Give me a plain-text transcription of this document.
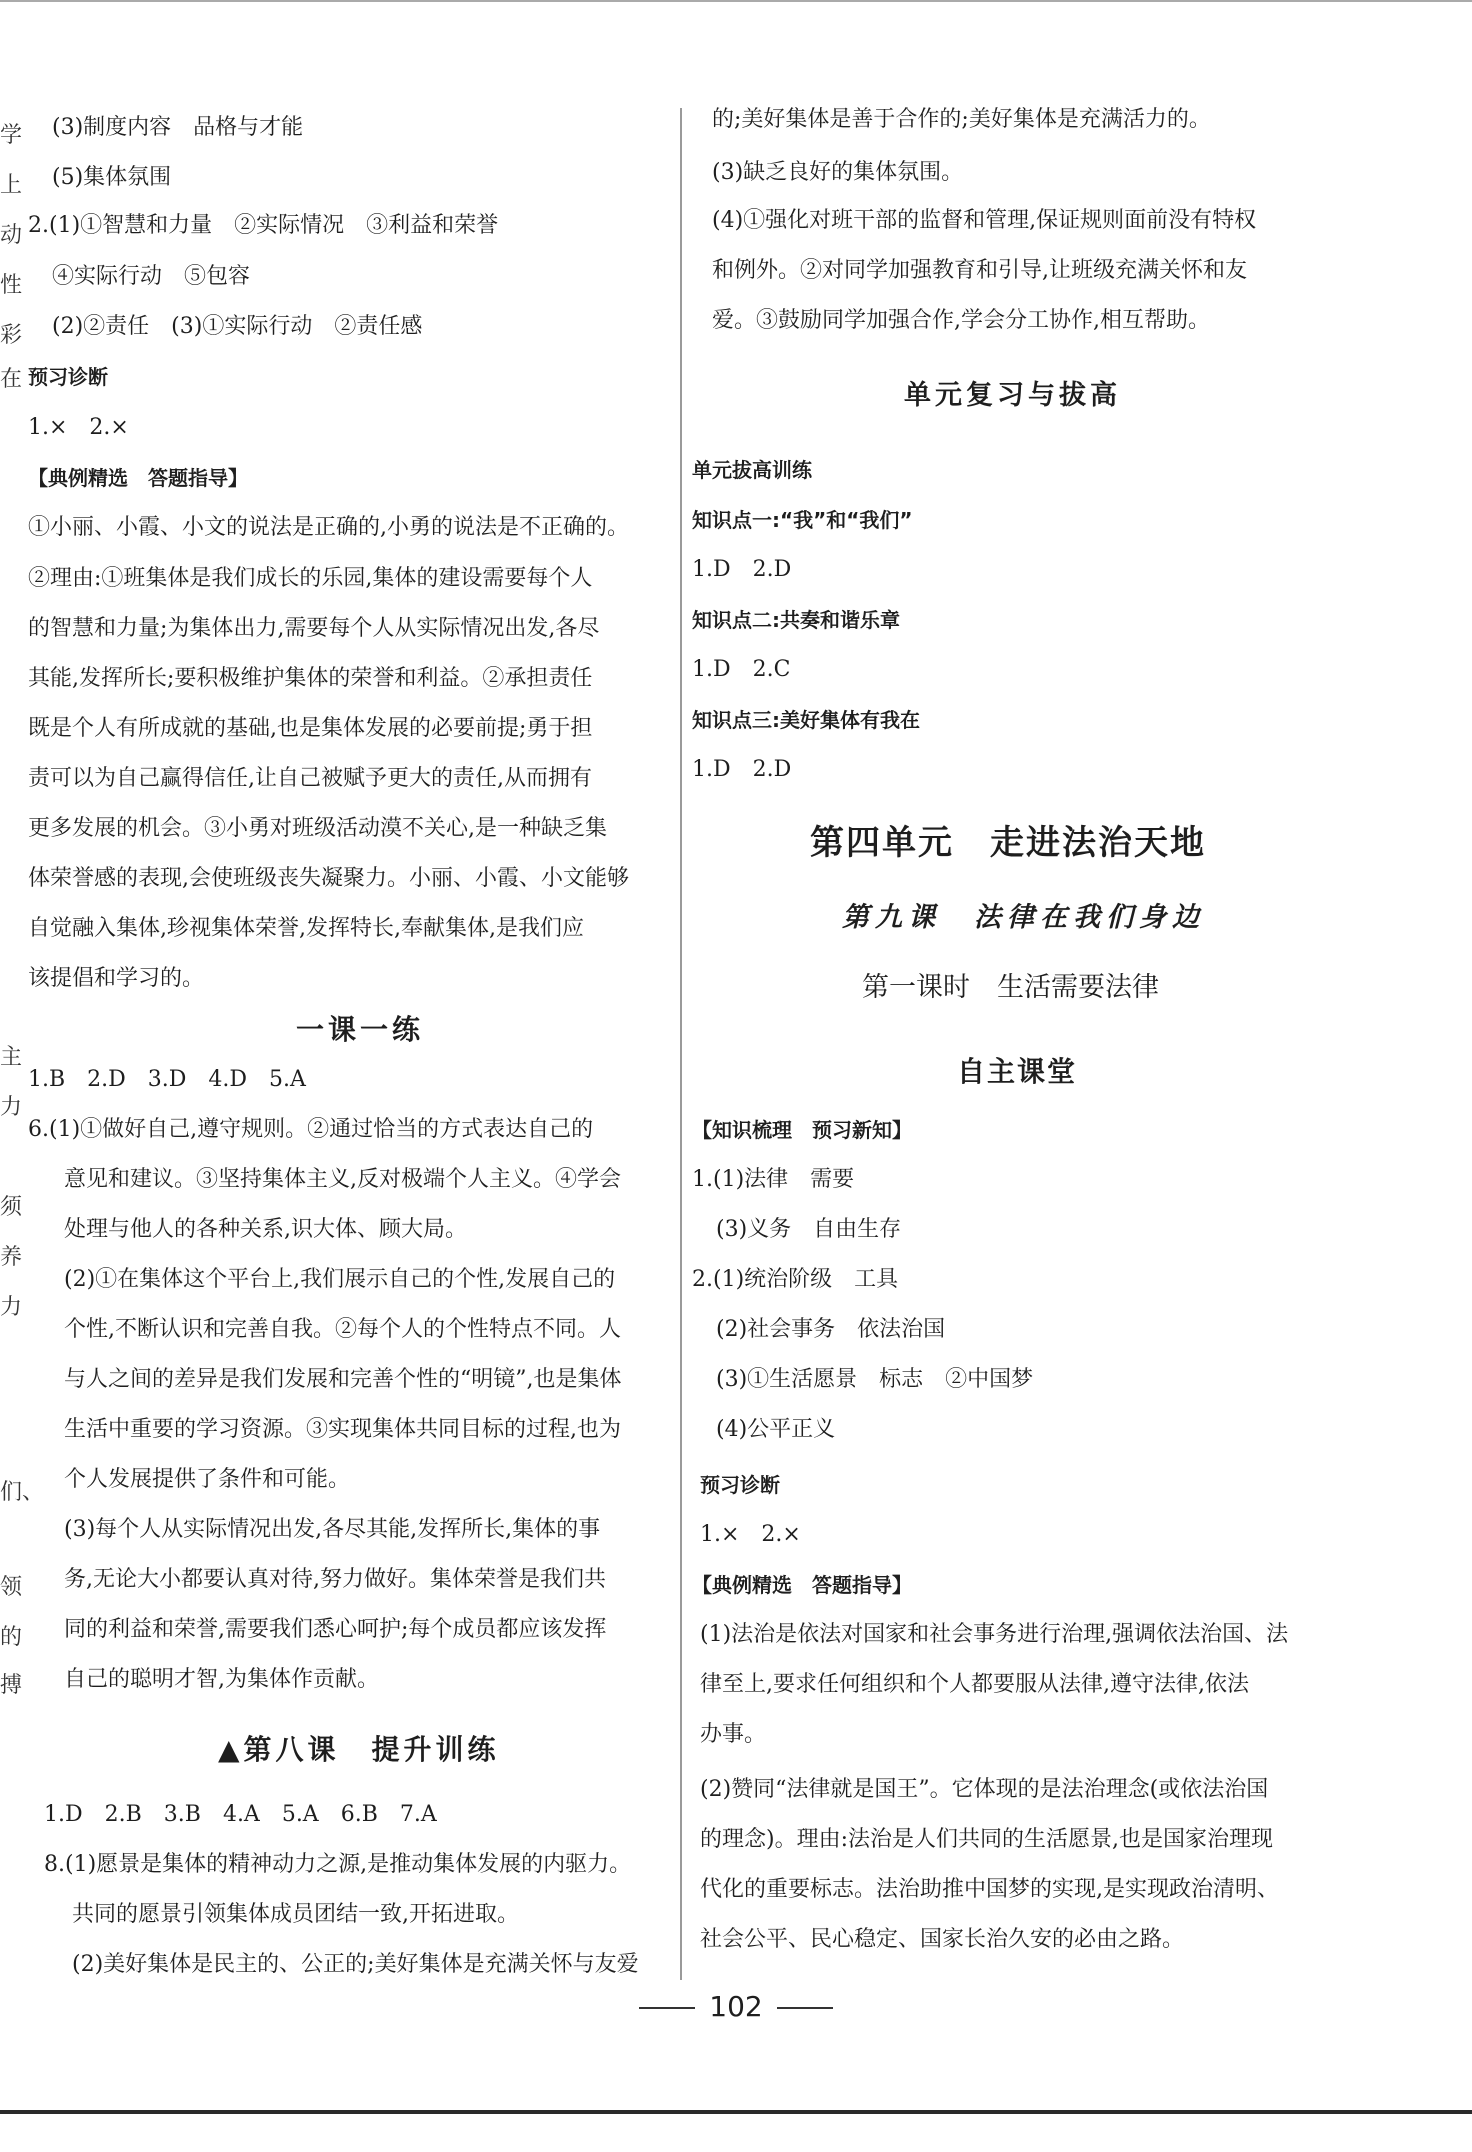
学
上
动
性
彩
在
主
力
须
养
力
们、
领
的
搏
(3)制度内容　品格与才能
(5)集体氛围
2.(1)①智慧和力量　②实际情况　③利益和荣誉
④实际行动　⑤包容
(2)②责任　(3)①实际行动　②责任感
预习诊断
1.×　2.×
【典例精选　答题指导】
①小丽、小霞、小文的说法是正确的,小勇的说法是不正确的。
②理由:①班集体是我们成长的乐园,集体的建设需要每个人
的智慧和力量;为集体出力,需要每个人从实际情况出发,各尽
其能,发挥所长;要积极维护集体的荣誉和利益。②承担责任
既是个人有所成就的基础,也是集体发展的必要前提;勇于担
责可以为自己赢得信任,让自己被赋予更大的责任,从而拥有
更多发展的机会。③小勇对班级活动漠不关心,是一种缺乏集
体荣誉感的表现,会使班级丧失凝聚力。小丽、小霞、小文能够
自觉融入集体,珍视集体荣誉,发挥特长,奉献集体,是我们应
该提倡和学习的。
一课一练
1.B　2.D　3.D　4.D　5.A
6.(1)①做好自己,遵守规则。②通过恰当的方式表达自己的
意见和建议。③坚持集体主义,反对极端个人主义。④学会
处理与他人的各种关系,识大体、顾大局。
(2)①在集体这个平台上,我们展示自己的个性,发展自己的
个性,不断认识和完善自我。②每个人的个性特点不同。人
与人之间的差异是我们发展和完善个性的“明镜”,也是集体
生活中重要的学习资源。③实现集体共同目标的过程,也为
个人发展提供了条件和可能。
(3)每个人从实际情况出发,各尽其能,发挥所长,集体的事
务,无论大小都要认真对待,努力做好。集体荣誉是我们共
同的利益和荣誉,需要我们悉心呵护;每个成员都应该发挥
自己的聪明才智,为集体作贡献。
▲第八课　提升训练
1.D　2.B　3.B　4.A　5.A　6.B　7.A
8.(1)愿景是集体的精神动力之源,是推动集体发展的内驱力。
共同的愿景引领集体成员团结一致,开拓进取。
(2)美好集体是民主的、公正的;美好集体是充满关怀与友爱
的;美好集体是善于合作的;美好集体是充满活力的。
(3)缺乏良好的集体氛围。
(4)①强化对班干部的监督和管理,保证规则面前没有特权
和例外。②对同学加强教育和引导,让班级充满关怀和友
爱。③鼓励同学加强合作,学会分工协作,相互帮助。
单元复习与拔高
单元拔高训练
知识点一:“我”和“我们”
1.D　2.D
知识点二:共奏和谐乐章
1.D　2.C
知识点三:美好集体有我在
1.D　2.D
第四单元　走进法治天地
第九课　法律在我们身边
第一课时　生活需要法律
自主课堂
【知识梳理　预习新知】
1.(1)法律　需要
(3)义务　自由生存
2.(1)统治阶级　工具
(2)社会事务　依法治国
(3)①生活愿景　标志　②中国梦
(4)公平正义
预习诊断
1.×　2.×
【典例精选　答题指导】
(1)法治是依法对国家和社会事务进行治理,强调依法治国、法
律至上,要求任何组织和个人都要服从法律,遵守法律,依法
办事。
(2)赞同“法律就是国王”。它体现的是法治理念(或依法治国
的理念)。理由:法治是人们共同的生活愿景,也是国家治理现
代化的重要标志。法治助推中国梦的实现,是实现政治清明、
社会公平、民心稳定、国家长治久安的必由之路。
102
